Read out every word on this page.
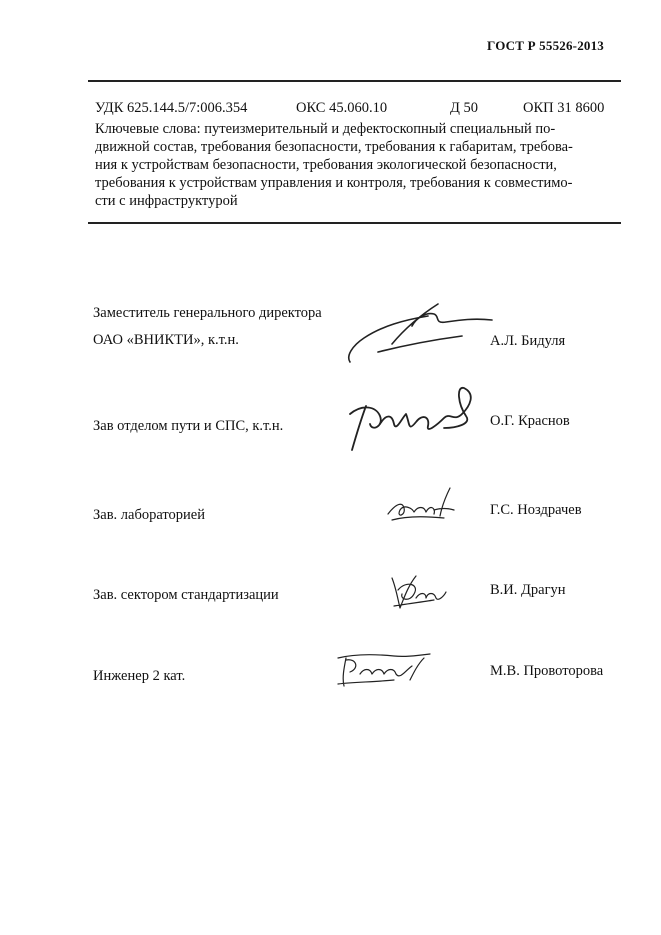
ГОСТ Р 55526-2013
УДК 625.144.5/7:006.354	ОКС 45.060.10	Д 50	ОКП 31 8600
Ключевые слова: путеизмерительный и дефектоскопный специальный по-
движной состав, требования безопасности, требования к габаритам, требова-
ния к устройствам безопасности, требования экологической безопасности,
требования к устройствам управления и контроля, требования к совместимо-
сти с инфраструктурой
Заместитель генерального директора
ОАО «ВНИКТИ», к.т.н.	А.Л. Бидуля
Зав отделом пути и СПС, к.т.н.	О.Г. Краснов
Зав. лабораторией	Г.С. Ноздрачев
Зав. сектором стандартизации	В.И. Драгун
Инженер 2 кат.	М.В. Провоторова
